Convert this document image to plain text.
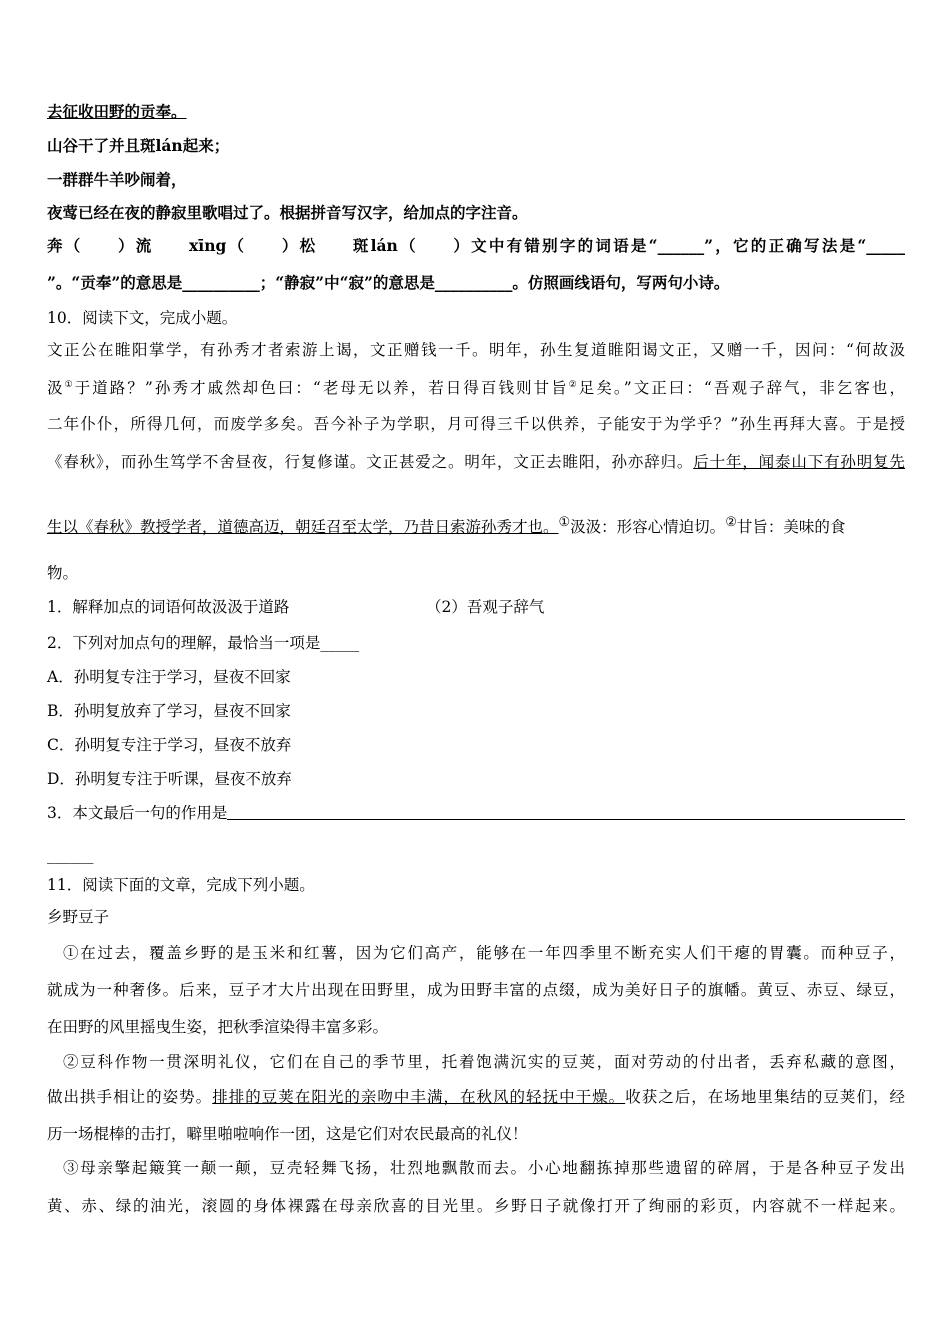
去征收田野的贡奉。
山谷干了并且斑lán起来；
一群群牛羊吵闹着，
夜莺已经在夜的静寂里歌唱过了。根据拼音写汉字，给加点的字注音。
奔（　　）流　　xīng（　　）松　　斑lán（　　）文中有错别字的词语是“______”，它的正确写法是“_____
”。“贡奉”的意思是__________；“静寂”中“寂”的意思是__________。仿照画线语句，写两句小诗。
10．阅读下文，完成小题。
文正公在睢阳掌学，有孙秀才者索游上谒，文正赠钱一千。明年，孙生复道睢阳谒文正，又赠一千，因问：“何故汲
汲①于道路？”孙秀才戚然却色曰：“老母无以养，若日得百钱则甘旨②足矣。”文正曰：“吾观子辞气，非乞客也，
二年仆仆，所得几何，而废学多矣。吾今补子为学职，月可得三千以供养，子能安于为学乎？”孙生再拜大喜。于是授
《春秋》，而孙生笃学不舍昼夜，行复修谨。文正甚爱之。明年，文正去睢阳，孙亦辞归。后十年，闻泰山下有孙明复先
生以《春秋》教授学者，道德高迈，朝廷召至太学，乃昔日索游孙秀才也。①汲汲：形容心情迫切。②甘旨：美味的食
物。
1．解释加点的词语何故汲汲于道路	（2）吾观子辞气
2．下列对加点句的理解，最恰当一项是_____
A．孙明复专注于学习，昼夜不回家
B．孙明复放弃了学习，昼夜不回家
C．孙明复专注于学习，昼夜不放弃
D．孙明复专注于听课，昼夜不放弃
3．本文最后一句的作用是
______
11．阅读下面的文章，完成下列小题。
乡野豆子
①在过去，覆盖乡野的是玉米和红薯，因为它们高产，能够在一年四季里不断充实人们干瘪的胃囊。而种豆子，
就成为一种奢侈。后来，豆子才大片出现在田野里，成为田野丰富的点缀，成为美好日子的旗幡。黄豆、赤豆、绿豆，
在田野的风里摇曳生姿，把秋季渲染得丰富多彩。
②豆科作物一贯深明礼仪，它们在自己的季节里，托着饱满沉实的豆荚，面对劳动的付出者，丢弃私藏的意图，
做出拱手相让的姿势。排排的豆荚在阳光的亲吻中丰满，在秋风的轻抚中干燥。收获之后，在场地里集结的豆荚们，经
历一场棍棒的击打，噼里啪啦响作一团，这是它们对农民最高的礼仪！
③母亲擎起簸箕一颠一颠，豆壳轻舞飞扬，壮烈地飘散而去。小心地翻拣掉那些遗留的碎屑，于是各种豆子发出
黄、赤、绿的油光，滚圆的身体裸露在母亲欣喜的目光里。乡野日子就像打开了绚丽的彩页，内容就不一样起来。
